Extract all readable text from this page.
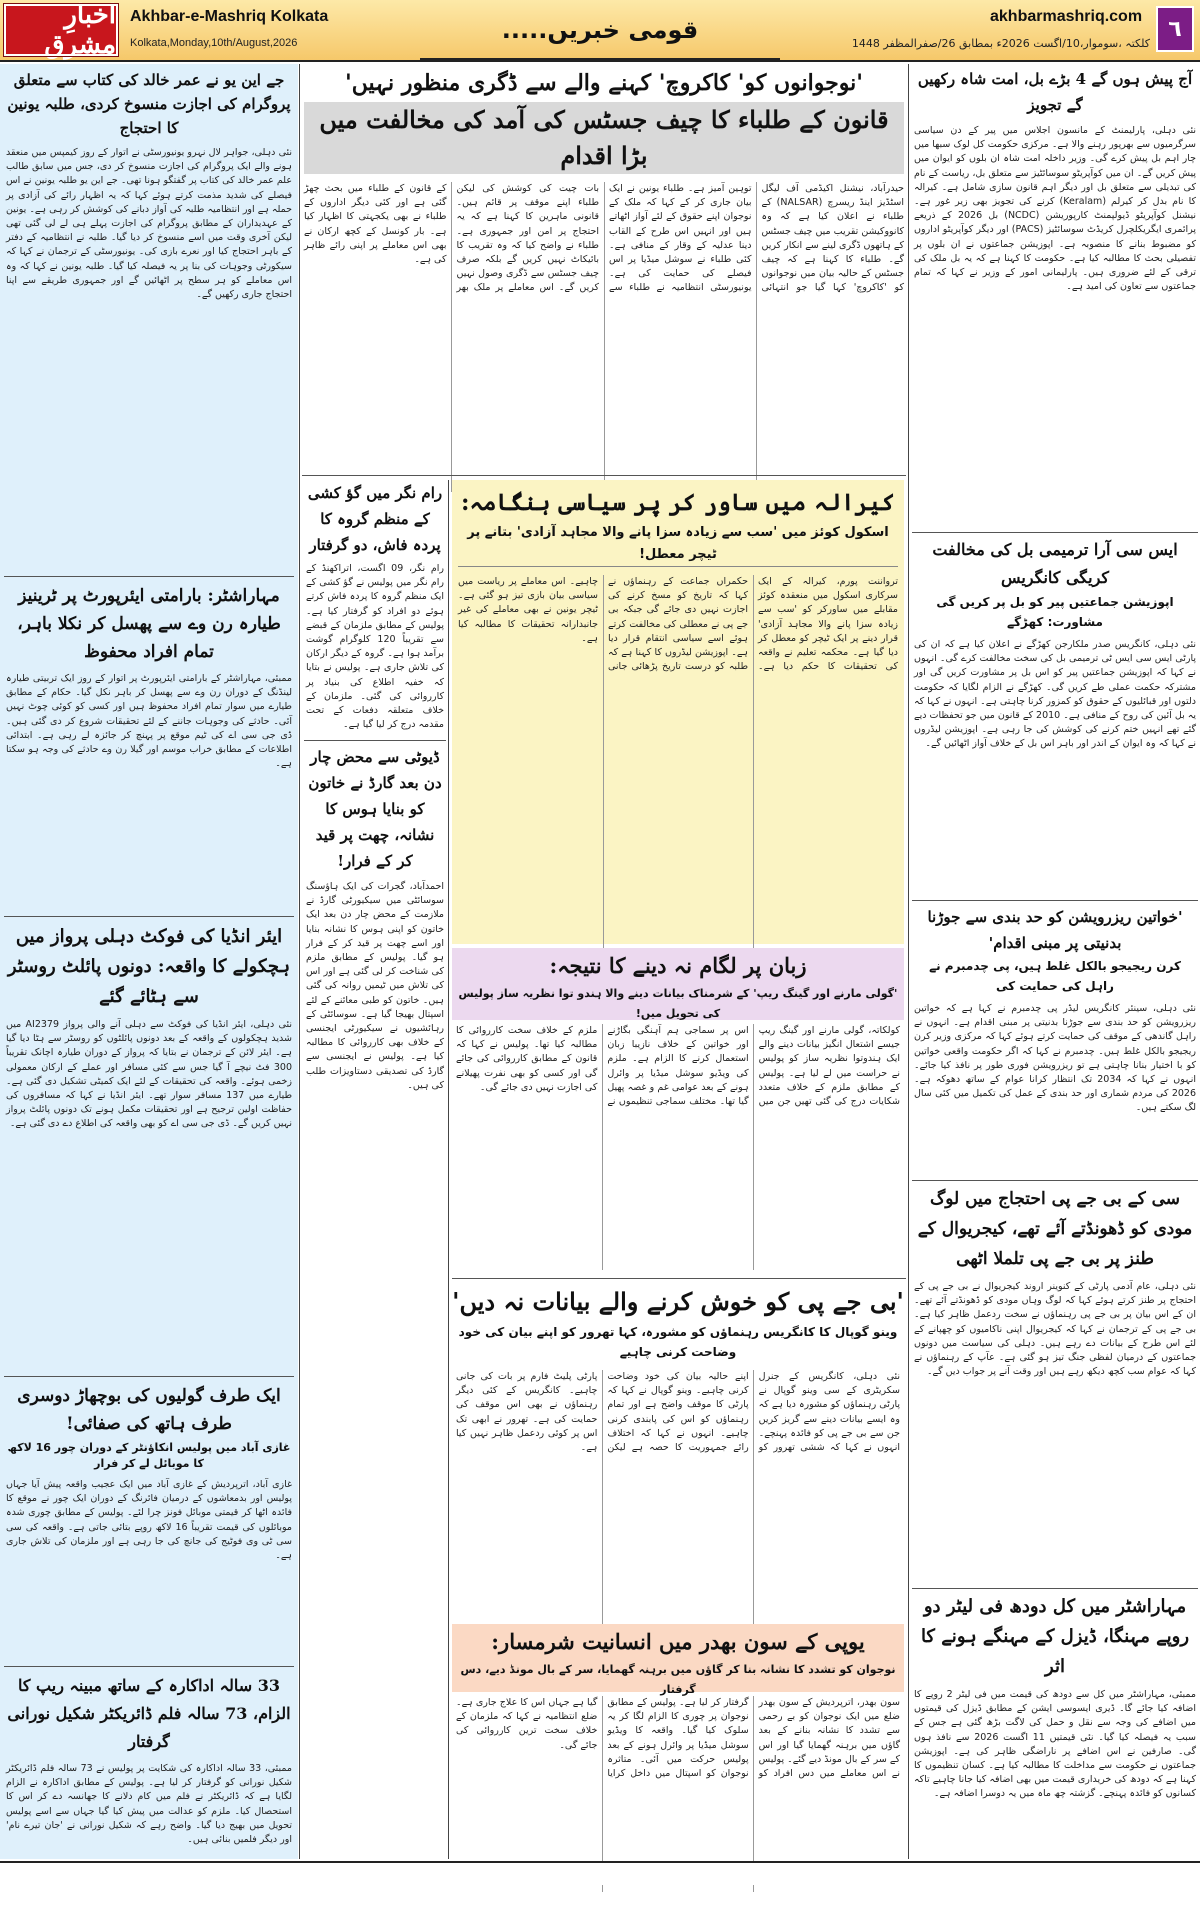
اخبارِ مشرق
Akhbar-e-Mashriq Kolkata
Kolkata,Monday,10th/August,2026	قومی خبریں.....	akhbarmashriq.com
کلکتہ ،سوموار،10/اگست 2026ء بمطابق 26/صفرالمظفر 1448
٦
جے این یو نے عمر خالد کی کتاب سے متعلق پروگرام کی اجازت منسوخ کردی، طلبہ یونین کا احتجاج
نئی دہلی، جواہر لال نہرو یونیورسٹی نے اتوار کے روز کیمپس میں منعقد ہونے والے ایک پروگرام کی اجازت منسوخ کر دی، جس میں سابق طالب علم عمر خالد کی کتاب پر گفتگو ہونا تھی۔ جے این یو طلبہ یونین نے اس فیصلے کی شدید مذمت کرتے ہوئے کہا کہ یہ اظہار رائے کی آزادی پر حملہ ہے اور انتظامیہ طلبہ کی آواز دبانے کی کوشش کر رہی ہے۔ یونین کے عہدیداران کے مطابق پروگرام کی اجازت پہلے ہی لے لی گئی تھی لیکن آخری وقت میں اسے منسوخ کر دیا گیا۔ طلبہ نے انتظامیہ کے دفتر کے باہر احتجاج کیا اور نعرے بازی کی۔ یونیورسٹی کے ترجمان نے کہا کہ سیکورٹی وجوہات کی بنا پر یہ فیصلہ کیا گیا۔ طلبہ یونین نے کہا کہ وہ اس معاملے کو ہر سطح پر اٹھائیں گے اور جمہوری طریقے سے اپنا احتجاج جاری رکھیں گے۔
مہاراشٹر: بارامتی ایئرپورٹ پر ٹرینیز طیارہ رن وے سے پھسل کر نکلا باہر، تمام افراد محفوظ
ممبئی، مہاراشٹر کے بارامتی ایئرپورٹ پر اتوار کے روز ایک تربیتی طیارہ لینڈنگ کے دوران رن وے سے پھسل کر باہر نکل گیا۔ حکام کے مطابق طیارے میں سوار تمام افراد محفوظ ہیں اور کسی کو کوئی چوٹ نہیں آئی۔ حادثے کی وجوہات جاننے کے لئے تحقیقات شروع کر دی گئی ہیں۔ ڈی جی سی اے کی ٹیم موقع پر پہنچ کر جائزہ لے رہی ہے۔ ابتدائی اطلاعات کے مطابق خراب موسم اور گیلا رن وے حادثے کی وجہ ہو سکتا ہے۔
ایئر انڈیا کی فوکٹ دہلی پرواز میں ہچکولے کا واقعہ: دونوں پائلٹ روسٹر سے ہٹائے گئے
نئی دہلی، ایئر انڈیا کی فوکٹ سے دہلی آنے والی پرواز AI2379 میں شدید ہچکولوں کے واقعہ کے بعد دونوں پائلٹوں کو روسٹر سے ہٹا دیا گیا ہے۔ ایئر لائن کے ترجمان نے بتایا کہ پرواز کے دوران طیارہ اچانک تقریباً 300 فٹ نیچے آ گیا جس سے کئی مسافر اور عملے کے ارکان معمولی زخمی ہوئے۔ واقعہ کی تحقیقات کے لئے ایک کمیٹی تشکیل دی گئی ہے۔ طیارے میں 137 مسافر سوار تھے۔ ایئر انڈیا نے کہا کہ مسافروں کی حفاظت اولین ترجیح ہے اور تحقیقات مکمل ہونے تک دونوں پائلٹ پرواز نہیں کریں گے۔ ڈی جی سی اے کو بھی واقعہ کی اطلاع دے دی گئی ہے۔
ایک طرف گولیوں کی بوچھاڑ دوسری طرف ہاتھ کی صفائی!
غازی آباد میں پولیس انکاؤنٹر کے دوران چور 16 لاکھ کا موبائل لے کر فرار
غازی آباد، اترپردیش کے غازی آباد میں ایک عجیب واقعہ پیش آیا جہاں پولیس اور بدمعاشوں کے درمیان فائرنگ کے دوران ایک چور نے موقع کا فائدہ اٹھا کر قیمتی موبائل فونز چرا لئے۔ پولیس کے مطابق چوری شدہ موبائلوں کی قیمت تقریباً 16 لاکھ روپے بتائی جاتی ہے۔ واقعہ کی سی سی ٹی وی فوٹیج کی جانچ کی جا رہی ہے اور ملزمان کی تلاش جاری ہے۔
33 سالہ اداکارہ کے ساتھ مبینہ ریپ کا الزام، 73 سالہ فلم ڈائریکٹر شکیل نورانی گرفتار
ممبئی، 33 سالہ اداکارہ کی شکایت پر پولیس نے 73 سالہ فلم ڈائریکٹر شکیل نورانی کو گرفتار کر لیا ہے۔ پولیس کے مطابق اداکارہ نے الزام لگایا ہے کہ ڈائریکٹر نے فلم میں کام دلانے کا جھانسہ دے کر اس کا استحصال کیا۔ ملزم کو عدالت میں پیش کیا گیا جہاں سے اسے پولیس تحویل میں بھیج دیا گیا۔ واضح رہے کہ شکیل نورانی نے 'جان تیرے نام' اور دیگر فلمیں بنائی ہیں۔
'نوجوانوں کو' کاکروچ' کہنے والے سے ڈگری منظور نہیں'
قانون کے طلباء کا چیف جسٹس کی آمد کی مخالفت میں بڑا اقدام
حیدرآباد، نیشنل اکیڈمی آف لیگل اسٹڈیز اینڈ ریسرچ (NALSAR) کے طلباء نے اعلان کیا ہے کہ وہ کانووکیشن تقریب میں چیف جسٹس کے ہاتھوں ڈگری لینے سے انکار کریں گے۔ طلباء کا کہنا ہے کہ چیف جسٹس کے حالیہ بیان میں نوجوانوں کو 'کاکروچ' کہا گیا جو انتہائی توہین آمیز ہے۔ طلباء یونین نے ایک بیان جاری کر کے کہا کہ ملک کے نوجوان اپنے حقوق کے لئے آواز اٹھاتے ہیں اور انہیں اس طرح کے القاب دینا عدلیہ کے وقار کے منافی ہے۔ کئی طلباء نے سوشل میڈیا پر اس فیصلے کی حمایت کی ہے۔ یونیورسٹی انتظامیہ نے طلباء سے بات چیت کی کوشش کی لیکن طلباء اپنے موقف پر قائم ہیں۔ قانونی ماہرین کا کہنا ہے کہ یہ احتجاج پر امن اور جمہوری ہے۔ طلباء نے واضح کیا کہ وہ تقریب کا بائیکاٹ نہیں کریں گے بلکہ صرف چیف جسٹس سے ڈگری وصول نہیں کریں گے۔ اس معاملے پر ملک بھر کے قانون کے طلباء میں بحث چھڑ گئی ہے اور کئی دیگر اداروں کے طلباء نے بھی یکجہتی کا اظہار کیا ہے۔ بار کونسل کے کچھ ارکان نے بھی اس معاملے پر اپنی رائے ظاہر کی ہے۔
کیرالہ میں ساور کر پر سیاسی ہنگامہ:
اسکول کوئز میں 'سب سے زیادہ سزا پانے والا مجاہد آزادی' بتانے پر ٹیچر معطل!
ترواننت پورم، کیرالہ کے ایک سرکاری اسکول میں منعقدہ کوئز مقابلے میں ساورکر کو 'سب سے زیادہ سزا پانے والا مجاہد آزادی' قرار دینے پر ایک ٹیچر کو معطل کر دیا گیا ہے۔ محکمہ تعلیم نے واقعہ کی تحقیقات کا حکم دیا ہے۔ حکمراں جماعت کے رہنماؤں نے کہا کہ تاریخ کو مسخ کرنے کی اجازت نہیں دی جائے گی جبکہ بی جے پی نے معطلی کی مخالفت کرتے ہوئے اسے سیاسی انتقام قرار دیا ہے۔ اپوزیشن لیڈروں کا کہنا ہے کہ طلبہ کو درست تاریخ پڑھائی جانی چاہیے۔ اس معاملے پر ریاست میں سیاسی بیان بازی تیز ہو گئی ہے۔ ٹیچر یونین نے بھی معاملے کی غیر جانبدارانہ تحقیقات کا مطالبہ کیا ہے۔
زبان پر لگام نہ دینے کا نتیجہ:
'گولی مارنے اور گینگ ریپ' کے شرمناک بیانات دینے والا ہندو توا نظریہ ساز پولیس کی تحویل میں!
کولکاتہ، گولی مارنے اور گینگ ریپ جیسے اشتعال انگیز بیانات دینے والے ایک ہندوتوا نظریہ ساز کو پولیس نے حراست میں لے لیا ہے۔ پولیس کے مطابق ملزم کے خلاف متعدد شکایات درج کی گئی تھیں جن میں اس پر سماجی ہم آہنگی بگاڑنے اور خواتین کے خلاف نازیبا زبان استعمال کرنے کا الزام ہے۔ ملزم کی ویڈیو سوشل میڈیا پر وائرل ہونے کے بعد عوامی غم و غصہ پھیل گیا تھا۔ مختلف سماجی تنظیموں نے ملزم کے خلاف سخت کارروائی کا مطالبہ کیا تھا۔ پولیس نے کہا کہ قانون کے مطابق کارروائی کی جائے گی اور کسی کو بھی نفرت پھیلانے کی اجازت نہیں دی جائے گی۔
'بی جے پی کو خوش کرنے والے بیانات نہ دیں'
وینو گوپال کا کانگریس رہنماؤں کو مشورہ، کہا تھرور کو اپنے بیان کی خود وضاحت کرنی چاہیے
نئی دہلی، کانگریس کے جنرل سکریٹری کے سی وینو گوپال نے پارٹی رہنماؤں کو مشورہ دیا ہے کہ وہ ایسے بیانات دینے سے گریز کریں جن سے بی جے پی کو فائدہ پہنچے۔ انہوں نے کہا کہ ششی تھرور کو اپنے حالیہ بیان کی خود وضاحت کرنی چاہیے۔ وینو گوپال نے کہا کہ پارٹی کا موقف واضح ہے اور تمام رہنماؤں کو اس کی پابندی کرنی چاہیے۔ انہوں نے کہا کہ اختلاف رائے جمہوریت کا حصہ ہے لیکن پارٹی پلیٹ فارم پر بات کی جانی چاہیے۔ کانگریس کے کئی دیگر رہنماؤں نے بھی اس موقف کی حمایت کی ہے۔ تھرور نے ابھی تک اس پر کوئی ردعمل ظاہر نہیں کیا ہے۔
یوپی کے سون بھدر میں انسانیت شرمسار:
نوجوان کو تشدد کا نشانہ بنا کر گاؤں میں برہنہ گھمایا، سر کے بال مونڈ دیے، دس گرفتار
سون بھدر، اترپردیش کے سون بھدر ضلع میں ایک نوجوان کو بے رحمی سے تشدد کا نشانہ بنانے کے بعد گاؤں میں برہنہ گھمایا گیا اور اس کے سر کے بال مونڈ دیے گئے۔ پولیس نے اس معاملے میں دس افراد کو گرفتار کر لیا ہے۔ پولیس کے مطابق نوجوان پر چوری کا الزام لگا کر یہ سلوک کیا گیا۔ واقعہ کا ویڈیو سوشل میڈیا پر وائرل ہونے کے بعد پولیس حرکت میں آئی۔ متاثرہ نوجوان کو اسپتال میں داخل کرایا گیا ہے جہاں اس کا علاج جاری ہے۔ ضلع انتظامیہ نے کہا کہ ملزمان کے خلاف سخت ترین کارروائی کی جائے گی۔
رام نگر میں گؤ کشی کے منظم گروہ کا پردہ فاش، دو گرفتار
رام نگر، 09 اگست، اتراکھنڈ کے رام نگر میں پولیس نے گؤ کشی کے ایک منظم گروہ کا پردہ فاش کرتے ہوئے دو افراد کو گرفتار کیا ہے۔ پولیس کے مطابق ملزمان کے قبضے سے تقریباً 120 کلوگرام گوشت برآمد ہوا ہے۔ گروہ کے دیگر ارکان کی تلاش جاری ہے۔ پولیس نے بتایا کہ خفیہ اطلاع کی بنیاد پر کارروائی کی گئی۔ ملزمان کے خلاف متعلقہ دفعات کے تحت مقدمہ درج کر لیا گیا ہے۔
ڈیوٹی سے محض چار دن بعد گارڈ نے خاتون کو بنایا ہوس کا نشانہ، چھت پر قید کر کے فرار!
احمدآباد، گجرات کی ایک ہاؤسنگ سوسائٹی میں سیکیورٹی گارڈ نے ملازمت کے محض چار دن بعد ایک خاتون کو اپنی ہوس کا نشانہ بنایا اور اسے چھت پر قید کر کے فرار ہو گیا۔ پولیس کے مطابق ملزم کی شناخت کر لی گئی ہے اور اس کی تلاش میں ٹیمیں روانہ کی گئی ہیں۔ خاتون کو طبی معائنے کے لئے اسپتال بھیجا گیا ہے۔ سوسائٹی کے رہائشیوں نے سیکیورٹی ایجنسی کے خلاف بھی کارروائی کا مطالبہ کیا ہے۔ پولیس نے ایجنسی سے گارڈ کی تصدیقی دستاویزات طلب کی ہیں۔
آج پیش ہوں گے 4 بڑے بل، امت شاہ رکھیں گے تجویز
نئی دہلی، پارلیمنٹ کے مانسون اجلاس میں پیر کے دن سیاسی سرگرمیوں سے بھرپور رہنے والا ہے۔ مرکزی حکومت کل لوک سبھا میں چار اہم بل پیش کرے گی۔ وزیر داخلہ امت شاہ ان بلوں کو ایوان میں پیش کریں گے۔ ان میں کوآپریٹو سوسائٹیز سے متعلق بل، ریاست کے نام کی تبدیلی سے متعلق بل اور دیگر اہم قانون سازی شامل ہے۔ کیرالہ کا نام بدل کر کیرلم (Keralam) کرنے کی تجویز بھی زیر غور ہے۔ نیشنل کوآپریٹو ڈیولپمنٹ کارپوریشن (NCDC) بل 2026 کے ذریعے پرائمری ایگریکلچرل کریڈٹ سوسائٹیز (PACS) اور دیگر کوآپریٹو اداروں کو مضبوط بنانے کا منصوبہ ہے۔ اپوزیشن جماعتوں نے ان بلوں پر تفصیلی بحث کا مطالبہ کیا ہے۔ حکومت کا کہنا ہے کہ یہ بل ملک کی ترقی کے لئے ضروری ہیں۔ پارلیمانی امور کے وزیر نے کہا کہ تمام جماعتوں سے تعاون کی امید ہے۔
ایس سی آرا ترمیمی بل کی مخالفت کریگی کانگریس
اپوزیشن جماعتیں پیر کو بل پر کریں گی مشاورت: کھڑگے
نئی دہلی، کانگریس صدر ملکارجن کھڑگے نے اعلان کیا ہے کہ ان کی پارٹی ایس سی ایس ٹی ترمیمی بل کی سخت مخالفت کرے گی۔ انہوں نے کہا کہ اپوزیشن جماعتیں پیر کو اس بل پر مشاورت کریں گی اور مشترکہ حکمت عملی طے کریں گی۔ کھڑگے نے الزام لگایا کہ حکومت دلتوں اور قبائلیوں کے حقوق کو کمزور کرنا چاہتی ہے۔ انہوں نے کہا کہ یہ بل آئین کی روح کے منافی ہے۔ 2010 کے قانون میں جو تحفظات دیے گئے تھے انہیں ختم کرنے کی کوشش کی جا رہی ہے۔ اپوزیشن لیڈروں نے کہا کہ وہ ایوان کے اندر اور باہر اس بل کے خلاف آواز اٹھائیں گے۔
'خواتین ریزرویشن کو حد بندی سے جوڑنا بدنیتی پر مبنی اقدام'
کرن ریجیجو بالکل غلط ہیں، پی چدمبرم نے راہل کی حمایت کی
نئی دہلی، سینئر کانگریس لیڈر پی چدمبرم نے کہا ہے کہ خواتین ریزرویشن کو حد بندی سے جوڑنا بدنیتی پر مبنی اقدام ہے۔ انہوں نے راہل گاندھی کے موقف کی حمایت کرتے ہوئے کہا کہ مرکزی وزیر کرن ریجیجو بالکل غلط ہیں۔ چدمبرم نے کہا کہ اگر حکومت واقعی خواتین کو با اختیار بنانا چاہتی ہے تو ریزرویشن فوری طور پر نافذ کیا جائے۔ انہوں نے کہا کہ 2034 تک انتظار کرانا عوام کے ساتھ دھوکہ ہے۔ 2026 کی مردم شماری اور حد بندی کے عمل کی تکمیل میں کئی سال لگ سکتے ہیں۔
سی کے بی جے پی احتجاج میں لوگ مودی کو ڈھونڈتے آئے تھے، کیجریوال کے طنز پر بی جے پی تلملا اٹھی
نئی دہلی، عام آدمی پارٹی کے کنوینر اروند کیجریوال نے بی جے پی کے احتجاج پر طنز کرتے ہوئے کہا کہ لوگ وہاں مودی کو ڈھونڈتے آئے تھے۔ ان کے اس بیان پر بی جے پی رہنماؤں نے سخت ردعمل ظاہر کیا ہے۔ بی جے پی کے ترجمان نے کہا کہ کیجریوال اپنی ناکامیوں کو چھپانے کے لئے اس طرح کے بیانات دے رہے ہیں۔ دہلی کی سیاست میں دونوں جماعتوں کے درمیان لفظی جنگ تیز ہو گئی ہے۔ عآپ کے رہنماؤں نے کہا کہ عوام سب کچھ دیکھ رہے ہیں اور وقت آنے پر جواب دیں گے۔
مہاراشٹر میں کل دودھ فی لیٹر دو روپے مہنگا، ڈیزل کے مہنگے ہونے کا اثر
ممبئی، مہاراشٹر میں کل سے دودھ کی قیمت میں فی لیٹر 2 روپے کا اضافہ کیا جائے گا۔ ڈیری ایسوسی ایشن کے مطابق ڈیزل کی قیمتوں میں اضافے کی وجہ سے نقل و حمل کی لاگت بڑھ گئی ہے جس کے سبب یہ فیصلہ کیا گیا۔ نئی قیمتیں 11 اگست 2026 سے نافذ ہوں گی۔ صارفین نے اس اضافے پر ناراضگی ظاہر کی ہے۔ اپوزیشن جماعتوں نے حکومت سے مداخلت کا مطالبہ کیا ہے۔ کسان تنظیموں کا کہنا ہے کہ دودھ کی خریداری قیمت میں بھی اضافہ کیا جانا چاہیے تاکہ کسانوں کو فائدہ پہنچے۔ گزشتہ چھ ماہ میں یہ دوسرا اضافہ ہے۔
